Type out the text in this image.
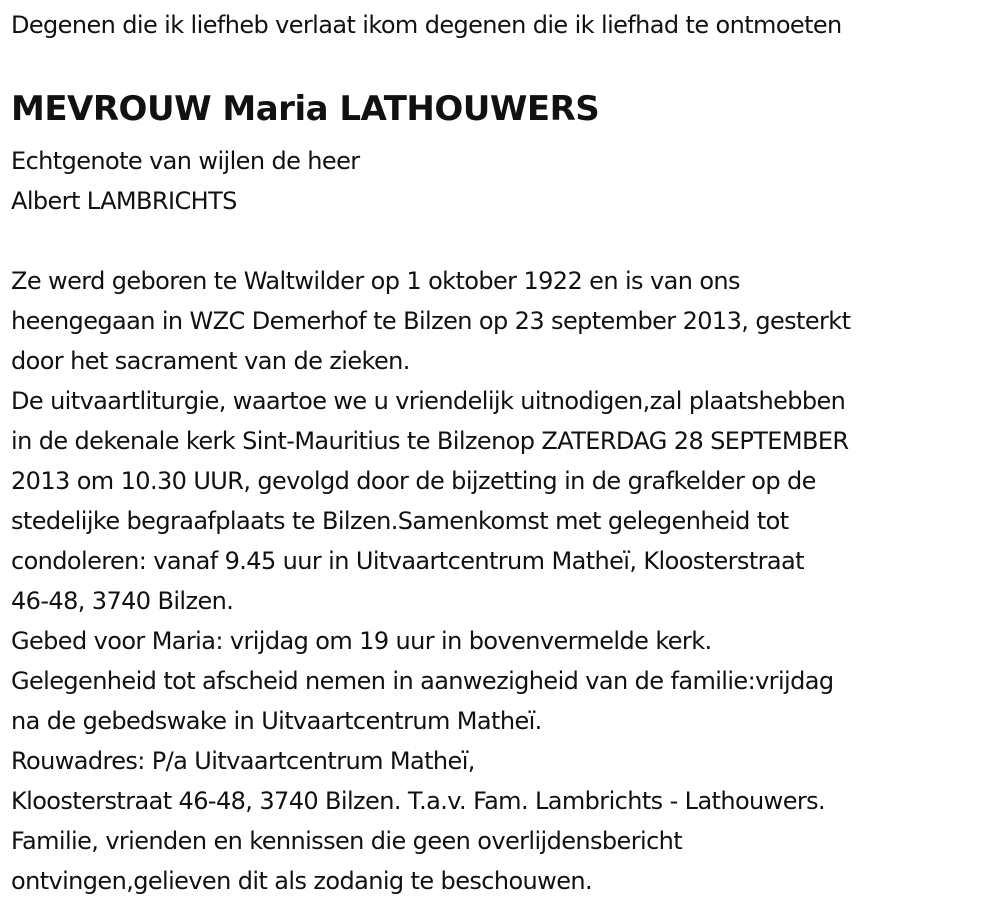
Degenen die ik liefheb verlaat ikom degenen die ik liefhad te ontmoeten
MEVROUW Maria LATHOUWERS
Echtgenote van wijlen de heer
Albert LAMBRICHTS
Ze werd geboren te Waltwilder op 1 oktober 1922 en is van ons
heengegaan in WZC Demerhof te Bilzen op 23 september 2013, gesterkt
door het sacrament van de zieken.
De uitvaartliturgie, waartoe we u vriendelijk uitnodigen,zal plaatshebben
in de dekenale kerk Sint-Mauritius te Bilzenop ZATERDAG 28 SEPTEMBER
2013 om 10.30 UUR, gevolgd door de bijzetting in de grafkelder op de
stedelijke begraafplaats te Bilzen.Samenkomst met gelegenheid tot
condoleren: vanaf 9.45 uur in Uitvaartcentrum Matheï, Kloosterstraat
46-48, 3740 Bilzen.
Gebed voor Maria: vrijdag om 19 uur in bovenvermelde kerk.
Gelegenheid tot afscheid nemen in aanwezigheid van de familie:vrijdag
na de gebedswake in Uitvaartcentrum Matheï.
Rouwadres: P/a Uitvaartcentrum Matheï,
Kloosterstraat 46-48, 3740 Bilzen. T.a.v. Fam. Lambrichts - Lathouwers.
Familie, vrienden en kennissen die geen overlijdensbericht
ontvingen,gelieven dit als zodanig te beschouwen.
